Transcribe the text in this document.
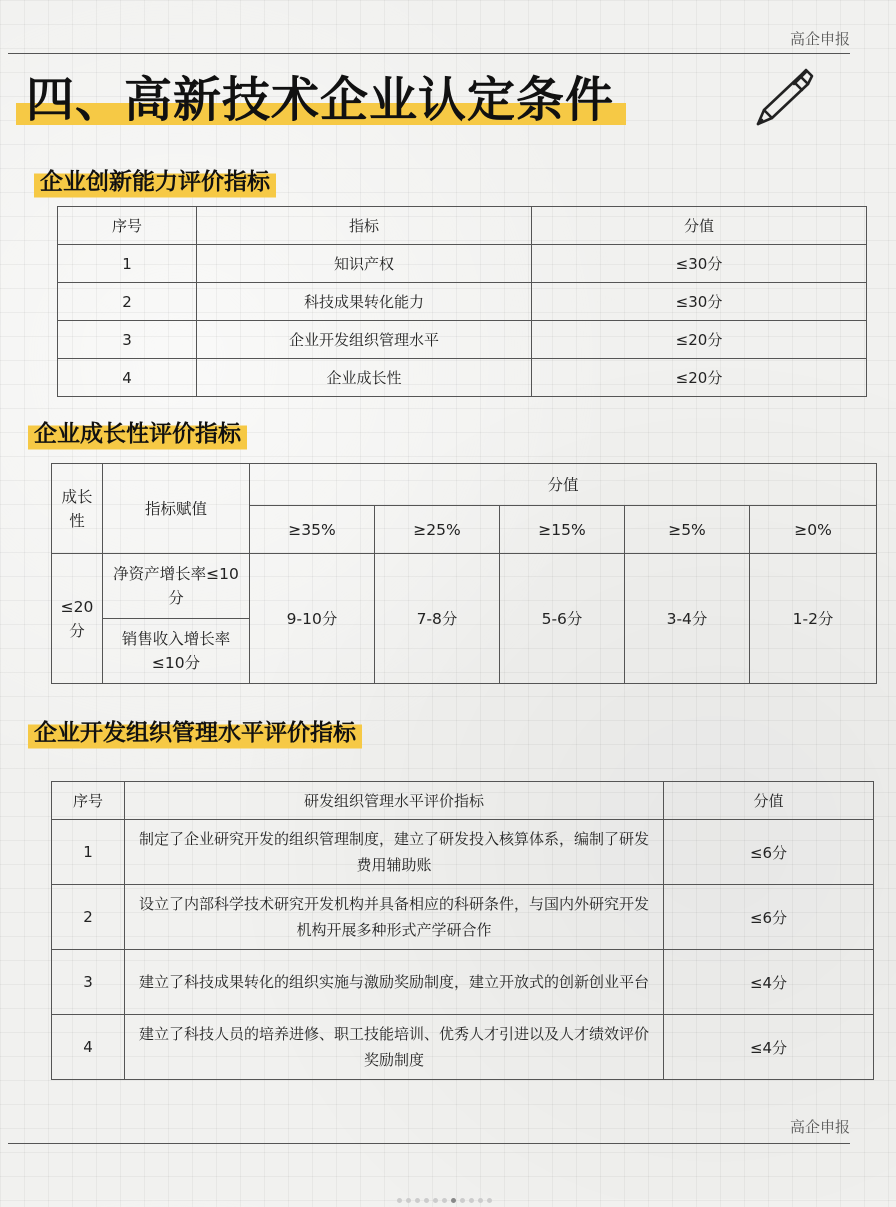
高企申报
四、高新技术企业认定条件
企业创新能力评价指标
序号	指标	分值
1	知识产权	≤30分
2	科技成果转化能力	≤30分
3	企业开发组织管理水平	≤20分
4	企业成长性	≤20分
企业成长性评价指标
成长性	指标赋值	分值				
		≥35%	≥25%	≥15%	≥5%	≥0%
≤20分	净资产增长率≤10分	9-10分	7-8分	5-6分	3-4分	1-2分
	销售收入增长率≤10分					
企业开发组织管理水平评价指标
序号	研发组织管理水平评价指标	分值
1	制定了企业研究开发的组织管理制度，建立了研发投入核算体系，编制了研发费用辅助账	≤6分
2	设立了内部科学技术研究开发机构并具备相应的科研条件，与国内外研究开发机构开展多种形式产学研合作	≤6分
3	建立了科技成果转化的组织实施与激励奖励制度，建立开放式的创新创业平台	≤4分
4	建立了科技人员的培养进修、职工技能培训、优秀人才引进以及人才绩效评价奖励制度	≤4分
高企申报
